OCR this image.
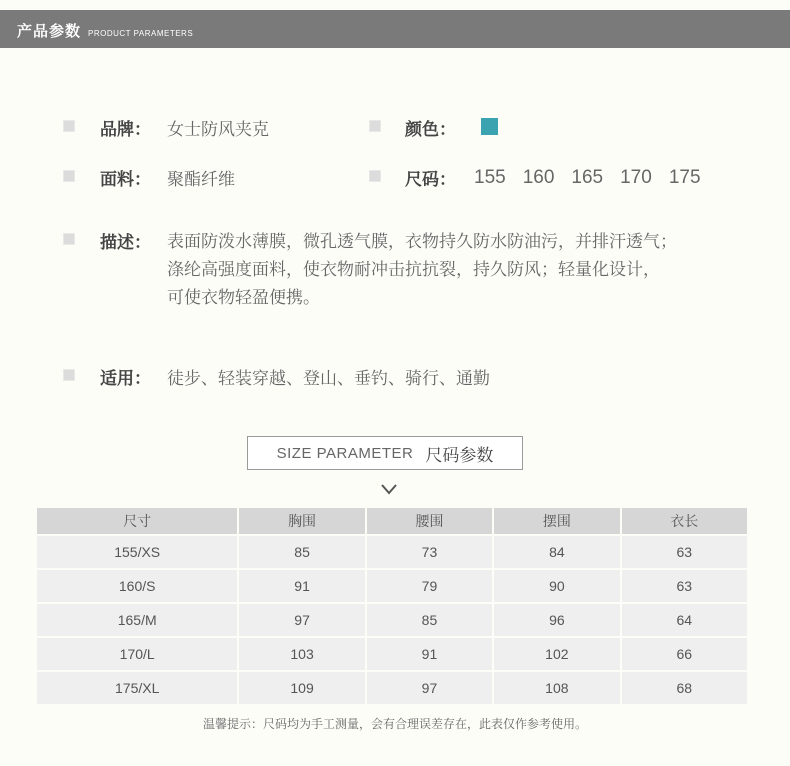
产品参数 PRODUCT PARAMETERS
品牌： 女士防风夹克	颜色：
面料： 聚酯纤维	尺码： 155 160 165 170 175
描述： 表面防泼水薄膜，微孔透气膜，衣物持久防水防油污，并排汗透气；
涤纶高强度面料，使衣物耐冲击抗抗裂，持久防风；轻量化设计，
可使衣物轻盈便携。
适用： 徒步、轻装穿越、登山、垂钓、骑行、通勤
SIZE PARAMETER 尺码参数
尺寸	胸围	腰围	摆围	衣长
155/XS	85	73	84	63
160/S	91	79	90	63
165/M	97	85	96	64
170/L	103	91	102	66
175/XL	109	97	108	68
温馨提示：尺码均为手工测量，会有合理误差存在，此表仅作参考使用。
